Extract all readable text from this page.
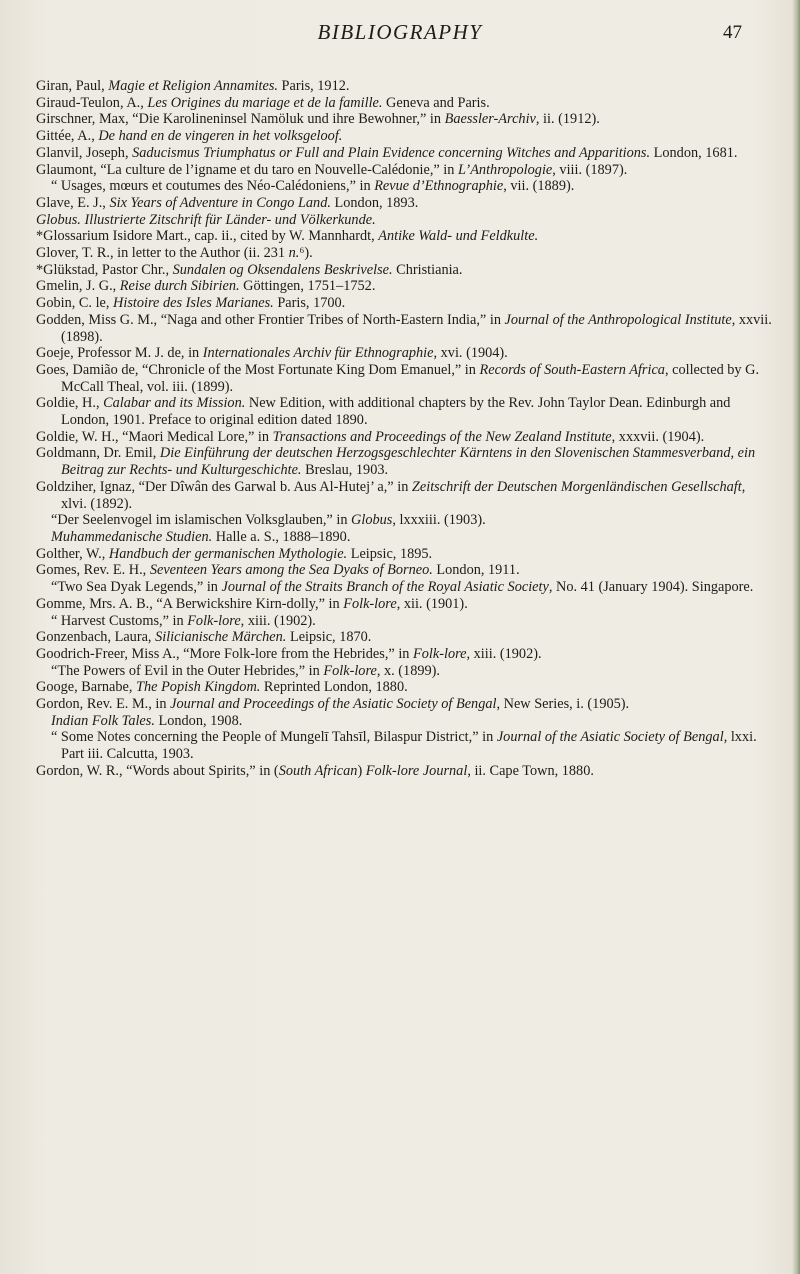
BIBLIOGRAPHY	47

Giran, Paul, Magie et Religion Annamites. Paris, 1912.

Giraud-Teulon, A., Les Origines du mariage et de la famille. Geneva and Paris.

Girschner, Max, “Die Karolineninsel Namöluk und ihre Bewohner,” in Baessler-Archiv, ii. (1912).

Gittée, A., De hand en de vingeren in het volksgeloof.

Glanvil, Joseph, Saducismus Triumphatus or Full and Plain Evidence concerning Witches and Apparitions. London, 1681.

Glaumont, “La culture de l’igname et du taro en Nouvelle-Calédonie,” in L’Anthropologie, viii. (1897).

“ Usages, mœurs et coutumes des Néo-Calédoniens,” in Revue d’Ethnographie, vii. (1889).

Glave, E. J., Six Years of Adventure in Congo Land. London, 1893.

Globus. Illustrierte Zitschrift für Länder- und Völkerkunde.

*Glossarium Isidore Mart., cap. ii., cited by W. Mannhardt, Antike Wald- und Feldkulte.

Glover, T. R., in letter to the Author (ii. 231 n.⁶).

*Glükstad, Pastor Chr., Sundalen og Oksendalens Beskrivelse. Christiania.

Gmelin, J. G., Reise durch Sibirien. Göttingen, 1751–1752.

Gobin, C. le, Histoire des Isles Marianes. Paris, 1700.

Godden, Miss G. M., “Naga and other Frontier Tribes of North-Eastern India,” in Journal of the Anthropological Institute, xxvii. (1898).

Goeje, Professor M. J. de, in Internationales Archiv für Ethnographie, xvi. (1904).

Goes, Damião de, “Chronicle of the Most Fortunate King Dom Emanuel,” in Records of South-Eastern Africa, collected by G. McCall Theal, vol. iii. (1899).

Goldie, H., Calabar and its Mission. New Edition, with additional chapters by the Rev. John Taylor Dean. Edinburgh and London, 1901. Preface to original edition dated 1890.

Goldie, W. H., “Maori Medical Lore,” in Transactions and Proceedings of the New Zealand Institute, xxxvii. (1904).

Goldmann, Dr. Emil, Die Einführung der deutschen Herzogsgeschlechter Kärntens in den Slovenischen Stammesverband, ein Beitrag zur Rechts- und Kulturgeschichte. Breslau, 1903.

Goldziher, Ignaz, “Der Dîwân des Garwal b. Aus Al-Hutej’ a,” in Zeitschrift der Deutschen Morgenländischen Gesellschaft, xlvi. (1892).

“Der Seelenvogel im islamischen Volksglauben,” in Globus, lxxxiii. (1903).

Muhammedanische Studien. Halle a. S., 1888–1890.

Golther, W., Handbuch der germanischen Mythologie. Leipsic, 1895.

Gomes, Rev. E. H., Seventeen Years among the Sea Dyaks of Borneo. London, 1911.

“Two Sea Dyak Legends,” in Journal of the Straits Branch of the Royal Asiatic Society, No. 41 (January 1904). Singapore.

Gomme, Mrs. A. B., “A Berwickshire Kirn-dolly,” in Folk-lore, xii. (1901).

“ Harvest Customs,” in Folk-lore, xiii. (1902).

Gonzenbach, Laura, Silicianische Märchen. Leipsic, 1870.

Goodrich-Freer, Miss A., “More Folk-lore from the Hebrides,” in Folk-lore, xiii. (1902).

“The Powers of Evil in the Outer Hebrides,” in Folk-lore, x. (1899).

Googe, Barnabe, The Popish Kingdom. Reprinted London, 1880.

Gordon, Rev. E. M., in Journal and Proceedings of the Asiatic Society of Bengal, New Series, i. (1905).

Indian Folk Tales. London, 1908.

“ Some Notes concerning the People of Mungelī Tahsīl, Bilaspur District,” in Journal of the Asiatic Society of Bengal, lxxi. Part iii. Calcutta, 1903.

Gordon, W. R., “Words about Spirits,” in (South African) Folk-lore Journal, ii. Cape Town, 1880.
